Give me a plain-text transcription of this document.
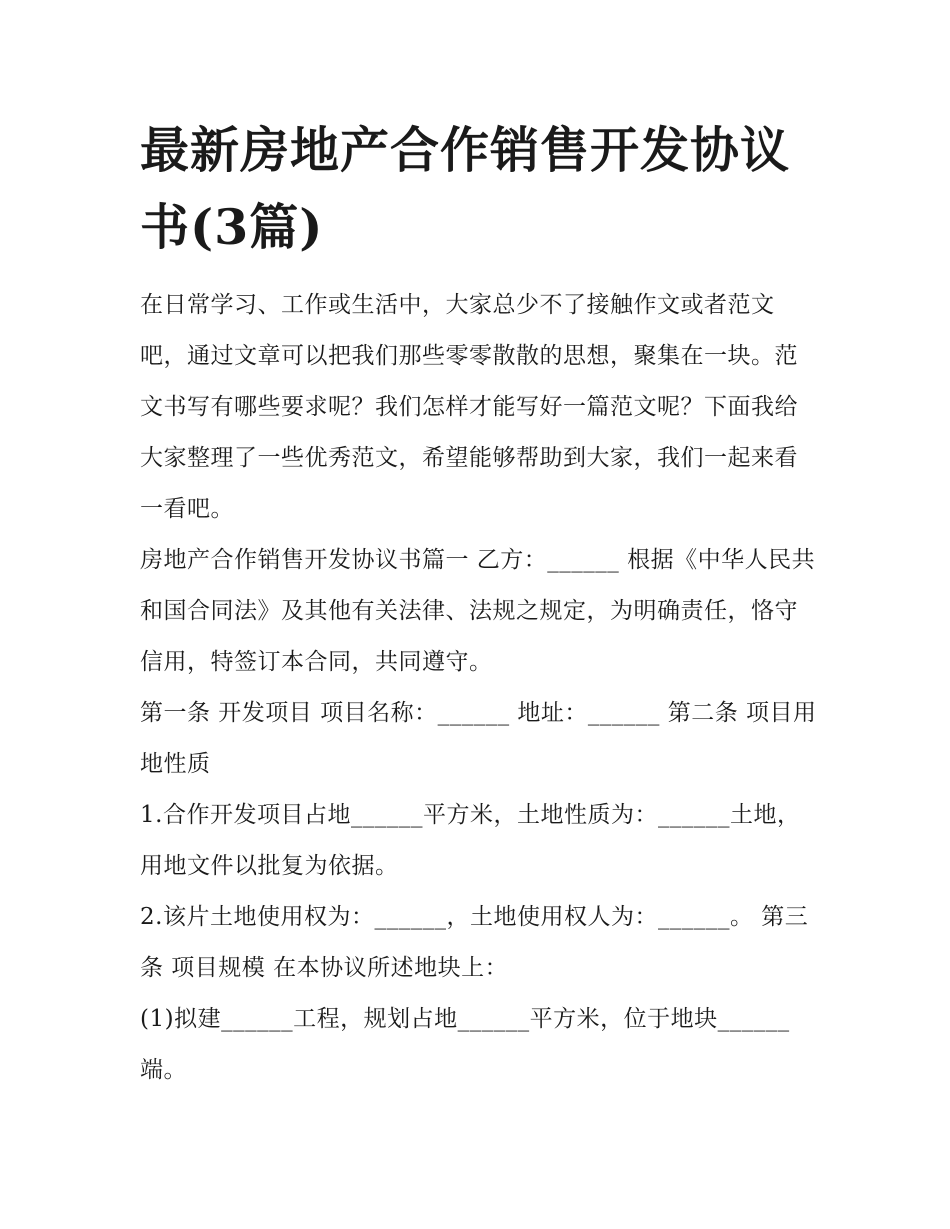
最新房地产合作销售开发协议书(3篇)

在日常学习、工作或生活中，大家总少不了接触作文或者范文吧，通过文章可以把我们那些零零散散的思想，聚集在一块。范文书写有哪些要求呢？我们怎样才能写好一篇范文呢？下面我给大家整理了一些优秀范文，希望能够帮助到大家，我们一起来看一看吧。

房地产合作销售开发协议书篇一 乙方：______ 根据《中华人民共和国合同法》及其他有关法律、法规之规定，为明确责任，恪守信用，特签订本合同，共同遵守。

第一条 开发项目 项目名称：______ 地址：______ 第二条 项目用地性质

1.合作开发项目占地______平方米，土地性质为：______土地，用地文件以批复为依据。

2.该片土地使用权为：______，土地使用权人为：______。 第三条 项目规模 在本协议所述地块上：

(1)拟建______工程，规划占地______平方米，位于地块______端。
